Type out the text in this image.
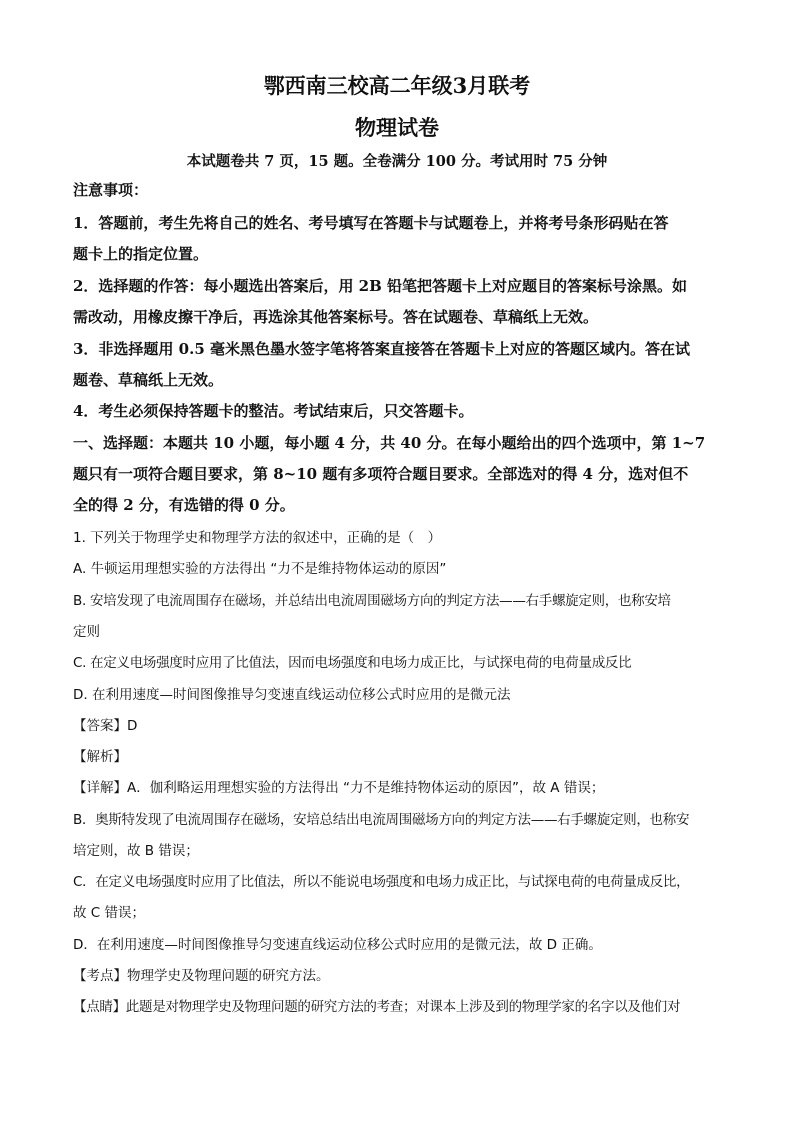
鄂西南三校高二年级3月联考
物理试卷
本试题卷共 7 页，15 题。全卷满分 100 分。考试用时 75 分钟
注意事项：
1．答题前，考生先将自己的姓名、考号填写在答题卡与试题卷上，并将考号条形码贴在答
题卡上的指定位置。
2．选择题的作答：每小题选出答案后，用 2B 铅笔把答题卡上对应题目的答案标号涂黑。如
需改动，用橡皮擦干净后，再选涂其他答案标号。答在试题卷、草稿纸上无效。
3．非选择题用 0.5 毫米黑色墨水签字笔将答案直接答在答题卡上对应的答题区域内。答在试
题卷、草稿纸上无效。
4．考生必须保持答题卡的整洁。考试结束后，只交答题卡。
一、选择题：本题共 10 小题，每小题 4 分，共 40 分。在每小题给出的四个选项中，第 1~7
题只有一项符合题目要求，第 8~10 题有多项符合题目要求。全部选对的得 4 分，选对但不
全的得 2 分，有选错的得 0 分。
1. 下列关于物理学史和物理学方法的叙述中，正确的是（　）
A. 牛顿运用理想实验的方法得出 “力不是维持物体运动的原因”
B. 安培发现了电流周围存在磁场，并总结出电流周围磁场方向的判定方法——右手螺旋定则，也称安培
定则
C. 在定义电场强度时应用了比值法，因而电场强度和电场力成正比，与试探电荷的电荷量成反比
D. 在利用速度—时间图像推导匀变速直线运动位移公式时应用的是微元法
【答案】D
【解析】
【详解】A．伽利略运用理想实验的方法得出 “力不是维持物体运动的原因”，故 A 错误；
B．奥斯特发现了电流周围存在磁场，安培总结出电流周围磁场方向的判定方法——右手螺旋定则，也称安
培定则，故 B 错误；
C．在定义电场强度时应用了比值法，所以不能说电场强度和电场力成正比，与试探电荷的电荷量成反比，
故 C 错误；
D．在利用速度—时间图像推导匀变速直线运动位移公式时应用的是微元法，故 D 正确。
【考点】物理学史及物理问题的研究方法。
【点睛】此题是对物理学史及物理问题的研究方法的考查；对课本上涉及到的物理学家的名字以及他们对
